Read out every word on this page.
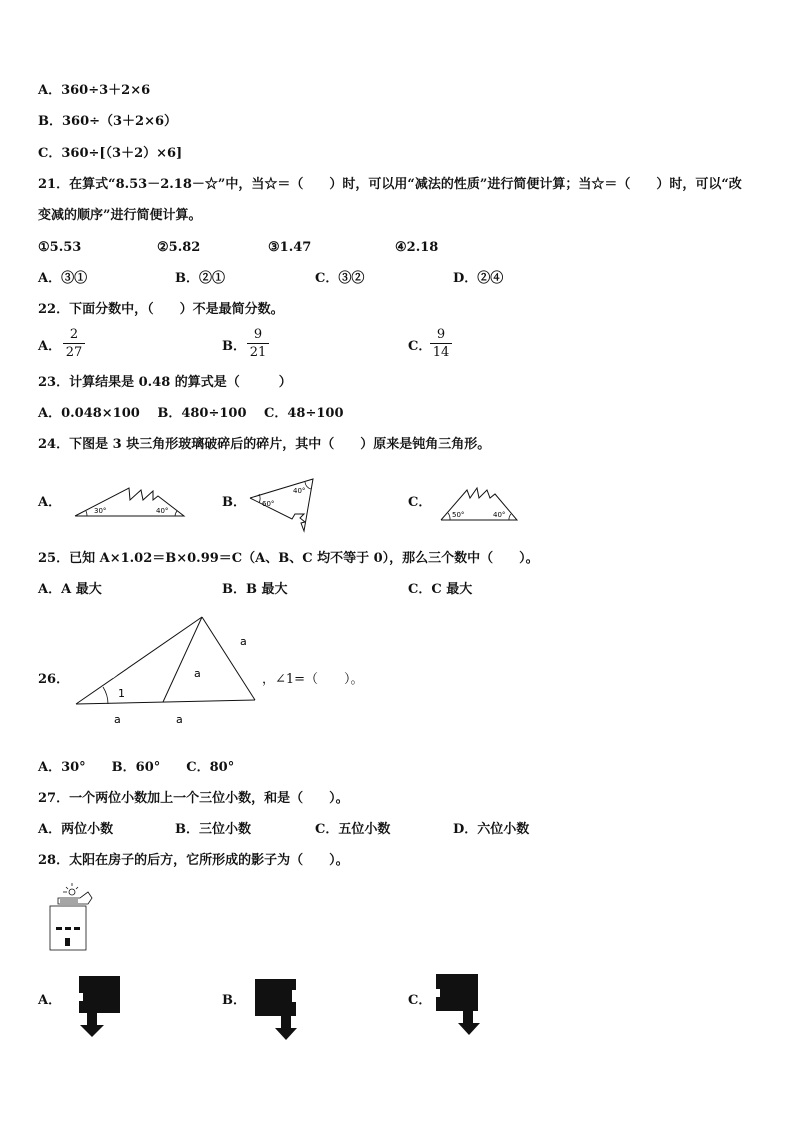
A．360÷3＋2×6
B．360÷（3＋2×6）
C．360÷[（3＋2）×6]
21．在算式“8.53－2.18－☆”中，当☆＝（　　）时，可以用“减法的性质”进行简便计算；当☆＝（　　）时，可以“改
变减的顺序”进行简便计算。
①5.53	②5.82	③1.47	④2.18
A．③①	B．②①	C．③②	D．②④
22．下面分数中，（　　）不是最简分数。
A．
2
27	B．
9
21	C．
9
14
23．计算结果是 0.48 的算式是（　　　）
A．0.048×100　 B．480÷100　 C．48÷100
24．下图是 3 块三角形玻璃破碎后的碎片，其中（　　）原来是钝角三角形。
A．
30°	40°
B． 60°
40°
C．
50°	40°
25．已知 A×1.02＝B×0.99＝C（A、B、C 均不等于 0），那么三个数中（　　）。
A．A 最大	B．B 最大	C．C 最大
26．
a
a
1
a	a
，∠1=（　　）。
A．30°　　B．60°　　C．80°
27．一个两位小数加上一个三位小数，和是（　　）。
A．两位小数	B．三位小数	C．五位小数	D．六位小数
28．太阳在房子的后方，它所形成的影子为（　　）。
A．	B．	C．
